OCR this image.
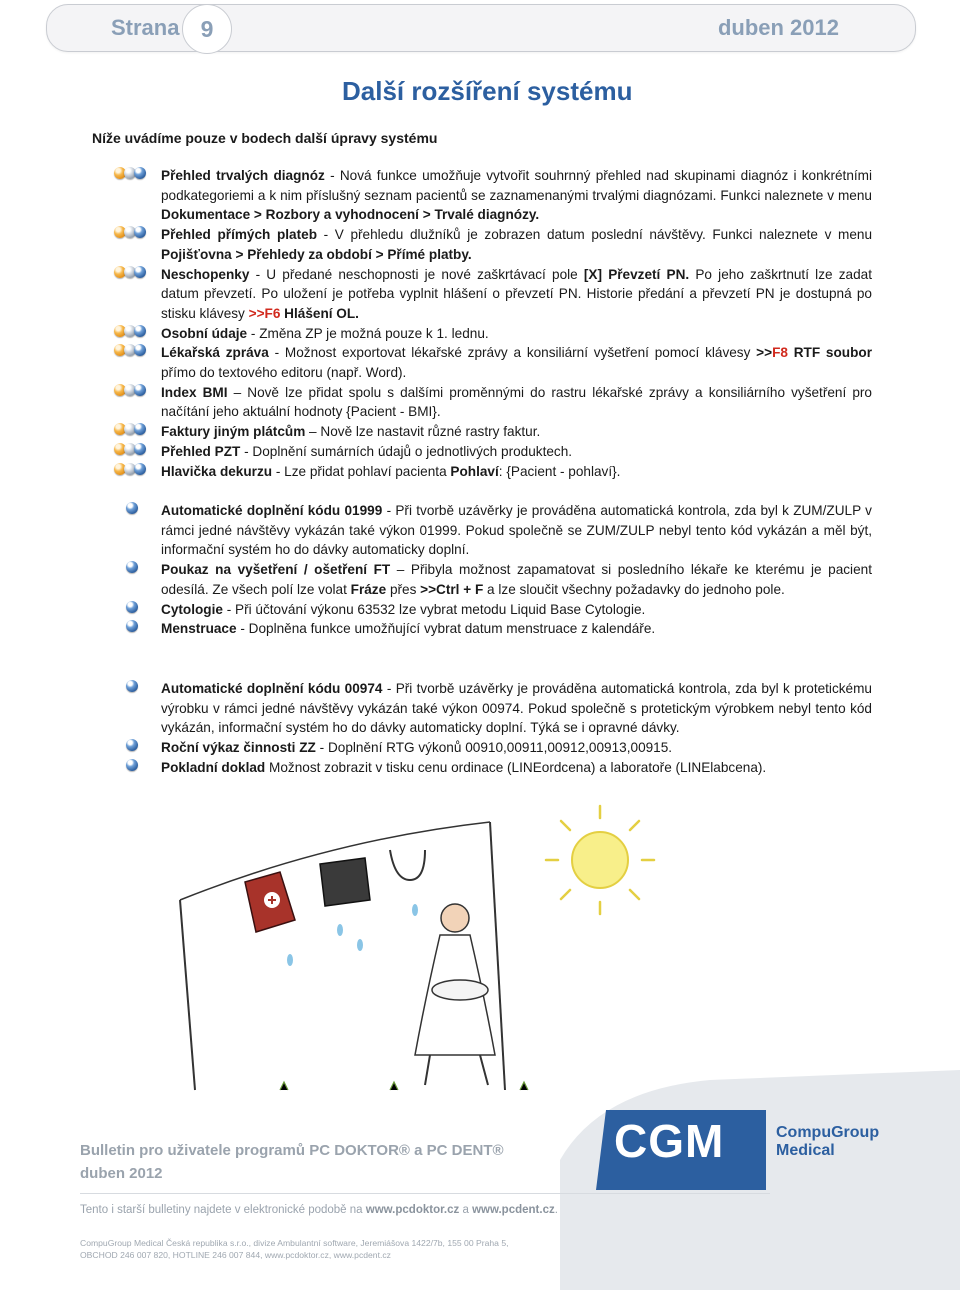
Strana 9	duben 2012
Další rozšíření systému
Níže uvádíme pouze v bodech další úpravy systému
Přehled trvalých diagnóz - Nová funkce umožňuje vytvořit souhrnný přehled nad skupinami diagnóz i konkrétními podkategoriemi a k nim příslušný seznam pacientů se zaznamenanými trvalými diagnózami. Funkci naleznete v menu Dokumentace > Rozbory a vyhodnocení > Trvalé diagnózy.
Přehled přímých plateb - V přehledu dlužníků je zobrazen datum poslední návštěvy. Funkci naleznete v menu Pojišťovna > Přehledy za období > Přímé platby.
Neschopenky - U předané neschopnosti je nové zaškrtávací pole [X] Převzetí PN. Po jeho zaškrtnutí lze zadat datum převzetí. Po uložení je potřeba vyplnit hlášení o převzetí PN. Historie předání a převzetí PN je dostupná po stisku klávesy >>F6 Hlášení OL.
Osobní údaje - Změna ZP je možná pouze k 1. lednu.
Lékařská zpráva - Možnost exportovat lékařské zprávy a konsiliární vyšetření pomocí klávesy >>F8 RTF soubor přímo do textového editoru (např. Word).
Index BMI – Nově lze přidat spolu s dalšími proměnnými do rastru lékařské zprávy a konsiliárního vyšetření pro načítání jeho aktuální hodnoty {Pacient - BMI}.
Faktury jiným plátcům – Nově lze nastavit různé rastry faktur.
Přehled PZT - Doplnění sumárních údajů o jednotlivých produktech.
Hlavička dekurzu - Lze přidat pohlaví pacienta Pohlaví: {Pacient - pohlaví}.
Automatické doplnění kódu 01999 - Při tvorbě uzávěrky je prováděna automatická kontrola, zda byl k ZUM/ZULP v rámci jedné návštěvy vykázán také výkon 01999. Pokud společně se ZUM/ZULP nebyl tento kód vykázán a měl být, informační systém ho do dávky automaticky doplní.
Poukaz na vyšetření / ošetření FT – Přibyla možnost zapamatovat si posledního lékaře ke kterému je pacient odesílá. Ze všech polí lze volat Fráze přes >>Ctrl + F a lze sloučit všechny požadavky do jednoho pole.
Cytologie - Při účtování výkonu 63532 lze vybrat metodu Liquid Base Cytologie.
Menstruace - Doplněna funkce umožňující vybrat datum menstruace z kalendáře.
Automatické doplnění kódu 00974 - Při tvorbě uzávěrky je prováděna automatická kontrola, zda byl k protetickému výrobku v rámci jedné návštěvy vykázán také výkon 00974. Pokud společně s protetickým výrobkem nebyl tento kód vykázán, informační systém ho do dávky automaticky doplní. Týká se i opravné dávky.
Roční výkaz činnosti ZZ - Doplnění RTG výkonů 00910,00911,00912,00913,00915.
Pokladní doklad Možnost zobrazit v tisku cenu ordinace (LINEordcena) a laboratoře (LINElabcena).
CGM	CompuGroup
Medical
Bulletin pro uživatele programů PC DOKTOR® a PC DENT®
duben 2012
Tento i starší bulletiny najdete v elektronické podobě na www.pcdoktor.cz a www.pcdent.cz.
CompuGroup Medical Česká republika s.r.o., divize Ambulantní software, Jeremiášova 1422/7b, 155 00 Praha 5,
OBCHOD 246 007 820, HOTLINE 246 007 844, www.pcdoktor.cz, www.pcdent.cz
